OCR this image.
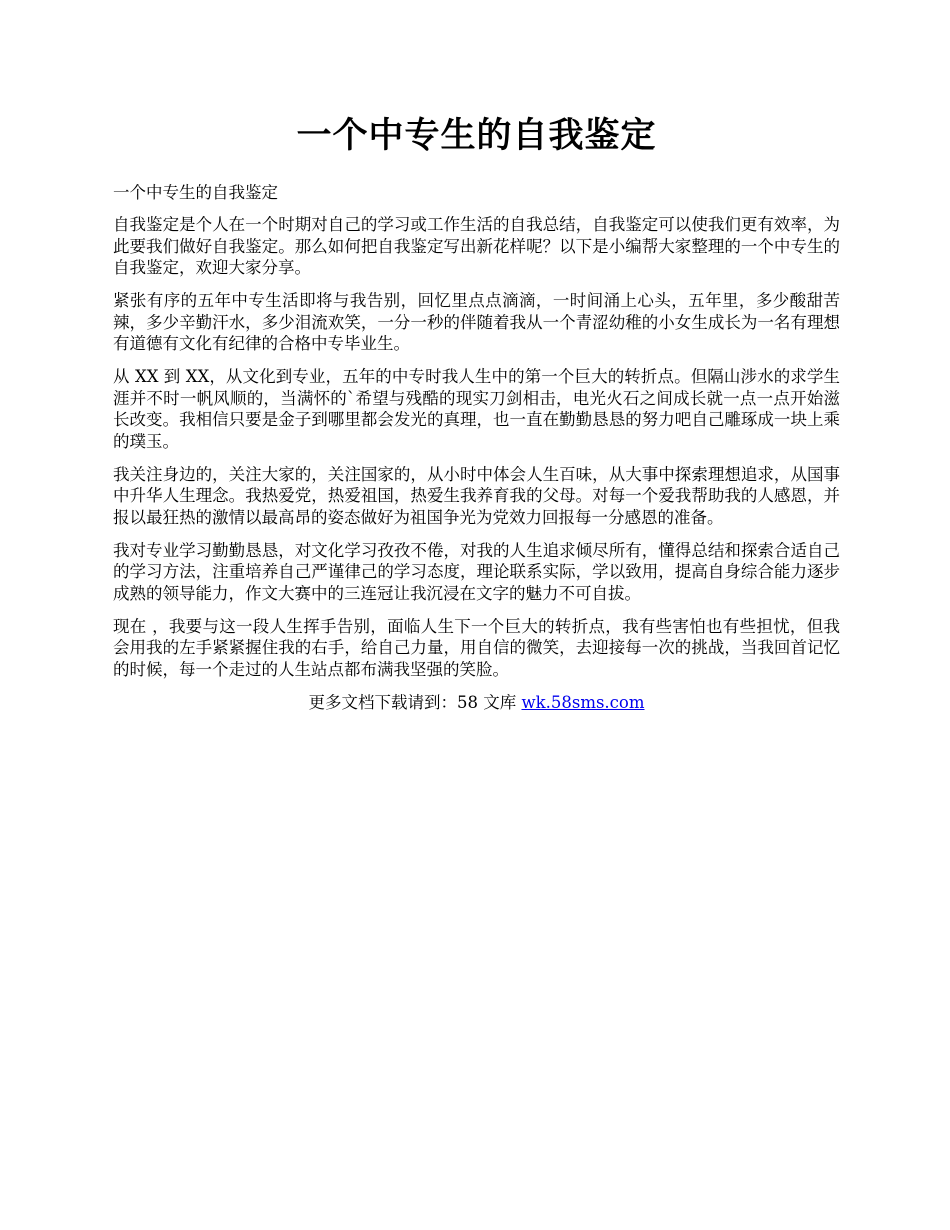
一个中专生的自我鉴定

一个中专生的自我鉴定

自我鉴定是个人在一个时期对自己的学习或工作生活的自我总结，自我鉴定可以使我们更有效率，为此要我们做好自我鉴定。那么如何把自我鉴定写出新花样呢？以下是小编帮大家整理的一个中专生的自我鉴定，欢迎大家分享。

紧张有序的五年中专生活即将与我告别，回忆里点点滴滴，一时间涌上心头，五年里，多少酸甜苦辣，多少辛勤汗水，多少泪流欢笑，一分一秒的伴随着我从一个青涩幼稚的小女生成长为一名有理想有道德有文化有纪律的合格中专毕业生。

从 XX 到 XX，从文化到专业，五年的中专时我人生中的第一个巨大的转折点。但隔山涉水的求学生涯并不时一帆风顺的，当满怀的`希望与残酷的现实刀剑相击，电光火石之间成长就一点一点开始滋长改变。我相信只要是金子到哪里都会发光的真理，也一直在勤勤恳恳的努力吧自己雕琢成一块上乘的璞玉。

我关注身边的，关注大家的，关注国家的，从小时中体会人生百味，从大事中探索理想追求，从国事中升华人生理念。我热爱党，热爱祖国，热爱生我养育我的父母。对每一个爱我帮助我的人感恩，并报以最狂热的激情以最高昂的姿态做好为祖国争光为党效力回报每一分感恩的准备。

我对专业学习勤勤恳恳，对文化学习孜孜不倦，对我的人生追求倾尽所有，懂得总结和探索合适自己的学习方法，注重培养自己严谨律己的学习态度，理论联系实际，学以致用，提高自身综合能力逐步成熟的领导能力，作文大赛中的三连冠让我沉浸在文字的魅力不可自拔。

现在 ，我要与这一段人生挥手告别，面临人生下一个巨大的转折点，我有些害怕也有些担忧，但我会用我的左手紧紧握住我的右手，给自己力量，用自信的微笑，去迎接每一次的挑战，当我回首记忆的时候，每一个走过的人生站点都布满我坚强的笑脸。

更多文档下载请到：58 文库 wk.58sms.com
